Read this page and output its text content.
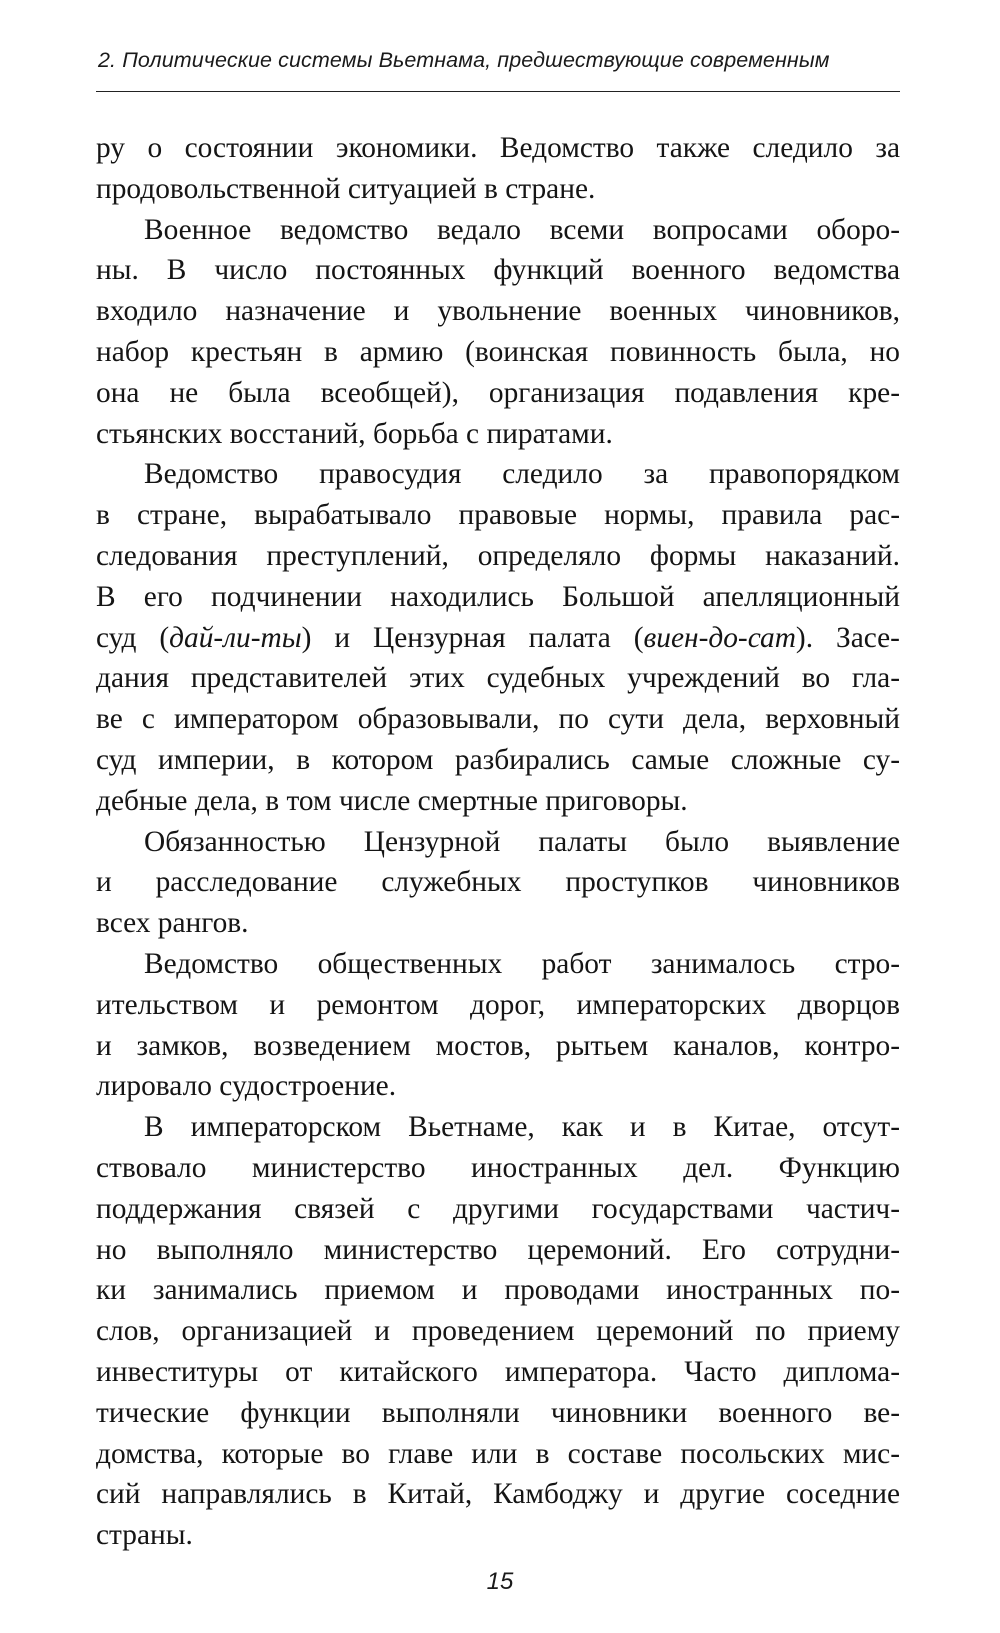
2. Политические системы Вьетнама, предшествующие современным
ру о состоянии экономики. Ведомство также следило за
продовольственной ситуацией в стране.
Военное ведомство ведало всеми вопросами оборо-
ны. В число постоянных функций военного ведомства
входило назначение и увольнение военных чиновников,
набор крестьян в армию (воинская повинность была, но
она не была всеобщей), организация подавления кре-
стьянских восстаний, борьба с пиратами.
Ведомство правосудия следило за правопорядком
в стране, вырабатывало правовые нормы, правила рас-
следования преступлений, определяло формы наказаний.
В его подчинении находились Большой апелляционный
суд (дай-ли-ты) и Цензурная палата (виен-до-сат). Засе-
дания представителей этих судебных учреждений во гла-
ве с императором образовывали, по сути дела, верховный
суд империи, в котором разбирались самые сложные су-
дебные дела, в том числе смертные приговоры.
Обязанностью Цензурной палаты было выявление
и расследование служебных проступков чиновников
всех рангов.
Ведомство общественных работ занималось стро-
ительством и ремонтом дорог, императорских дворцов
и замков, возведением мостов, рытьем каналов, контро-
лировало судостроение.
В императорском Вьетнаме, как и в Китае, отсут-
ствовало министерство иностранных дел. Функцию
поддержания связей с другими государствами частич-
но выполняло министерство церемоний. Его сотрудни-
ки занимались приемом и проводами иностранных по-
слов, организацией и проведением церемоний по приему
инвеституры от китайского императора. Часто диплома-
тические функции выполняли чиновники военного ве-
домства, которые во главе или в составе посольских мис-
сий направлялись в Китай, Камбоджу и другие соседние
страны.
15
